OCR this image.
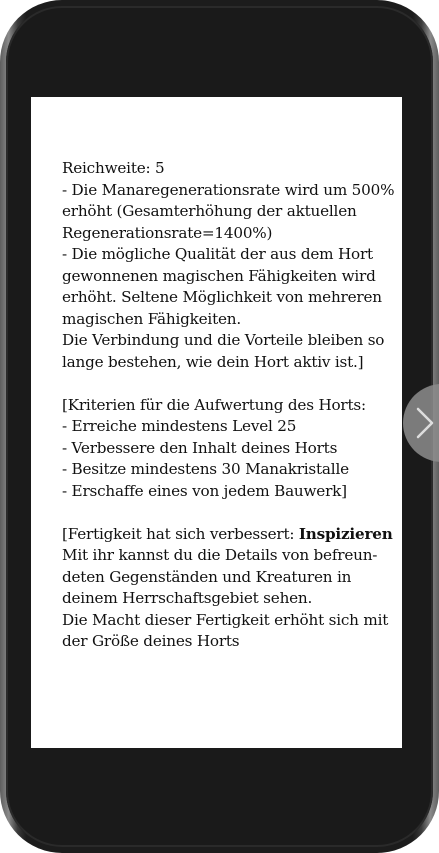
Reichweite: 5
- Die Manaregenerationsrate wird um 500%
erhöht (Gesamterhöhung der aktuellen
Regenerationsrate=1400%)
- Die mögliche Qualität der aus dem Hort
gewonnenen magischen Fähigkeiten wird
erhöht. Seltene Möglichkeit von mehreren
magischen Fähigkeiten.
Die Verbindung und die Vorteile bleiben so
lange bestehen, wie dein Hort aktiv ist.]
[Kriterien für die Aufwertung des Horts:
- Erreiche mindestens Level 25
- Verbessere den Inhalt deines Horts
- Besitze mindestens 30 Manakristalle
- Erschaffe eines von jedem Bauwerk]
[Fertigkeit hat sich verbessert: Inspizieren
Mit ihr kannst du die Details von befreun-
deten Gegenständen und Kreaturen in
deinem Herrschaftsgebiet sehen.
Die Macht dieser Fertigkeit erhöht sich mit
der Größe deines Horts
